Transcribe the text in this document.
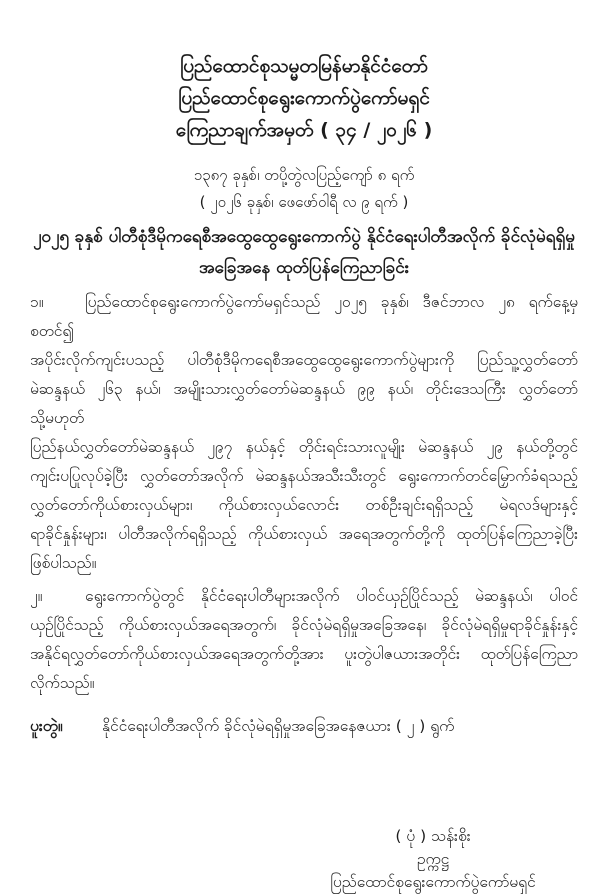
ပြည်ထောင်စုသမ္မတမြန်မာနိုင်ငံတော်
ပြည်ထောင်စုရွေးကောက်ပွဲကော်မရှင်
ကြေညာချက်အမှတ် ( ၃၄ / ၂၀၂၆ )
၁၃၈၇ ခုနှစ်၊ တပို့တွဲလပြည့်ကျော် ၈ ရက်
( ၂၀၂၆ ခုနှစ်၊ ဖေဖော်ဝါရီ လ ၉ ရက် )
၂၀၂၅ ခုနှစ် ပါတီစုံဒီမိုကရေစီအထွေထွေရွေးကောက်ပွဲ နိုင်ငံရေးပါတီအလိုက် ခိုင်လုံမဲရရှိမှု
အခြေအနေ ထုတ်ပြန်ကြေညာခြင်း
၁။	ပြည်ထောင်စုရွေးကောက်ပွဲကော်မရှင်သည် ၂၀၂၅ ခုနှစ်၊ ဒီဇင်ဘာလ ၂၈ ရက်နေ့မှ စတင်၍
အပိုင်းလိုက်ကျင်းပသည့် ပါတီစုံဒီမိုကရေစီအထွေထွေရွေးကောက်ပွဲများကို ပြည်သူ့လွှတ်တော်
မဲဆန္ဒနယ် ၂၆၃ နယ်၊ အမျိုးသားလွှတ်တော်မဲဆန္ဒနယ် ၉၉ နယ်၊ တိုင်းဒေသကြီး လွှတ်တော် သို့မဟုတ်
ပြည်နယ်လွှတ်တော်မဲဆန္ဒနယ် ၂၉၇ နယ်နှင့် တိုင်းရင်းသားလူမျိုး မဲဆန္ဒနယ် ၂၉ နယ်တို့တွင်
ကျင်းပပြုလုပ်ခဲ့ပြီး လွှတ်တော်အလိုက် မဲဆန္ဒနယ်အသီးသီးတွင် ရွေးကောက်တင်မြှောက်ခံရသည့်
လွှတ်တော်ကိုယ်စားလှယ်များ၊ ကိုယ်စားလှယ်လောင်း တစ်ဦးချင်းရရှိသည့် မဲရလဒ်များနှင့်
ရာခိုင်နှုန်းများ၊ ပါတီအလိုက်ရရှိသည့် ကိုယ်စားလှယ် အရေအတွက်တို့ကို ထုတ်ပြန်ကြေညာခဲ့ပြီး
ဖြစ်ပါသည်။
၂။	ရွေးကောက်ပွဲတွင် နိုင်ငံရေးပါတီများအလိုက် ပါဝင်ယှဉ်ပြိုင်သည့် မဲဆန္ဒနယ်၊ ပါဝင်
ယှဉ်ပြိုင်သည့် ကိုယ်စားလှယ်အရေအတွက်၊ ခိုင်လုံမဲရရှိမှုအခြေအနေ၊ ခိုင်လုံမဲရရှိမှုရာခိုင်နှုန်းနှင့်
အနိုင်ရလွှတ်တော်ကိုယ်စားလှယ်အရေအတွက်တို့အား ပူးတွဲပါဇယားအတိုင်း ထုတ်ပြန်ကြေညာ
လိုက်သည်။
ပူးတွဲ။	နိုင်ငံရေးပါတီအလိုက် ခိုင်လုံမဲရရှိမှုအခြေအနေဇယား ( ၂ ) ရွက်
( ပုံ ) သန်းစိုး
ဥက္ကဋ္ဌ
ပြည်ထောင်စုရွေးကောက်ပွဲကော်မရှင်
